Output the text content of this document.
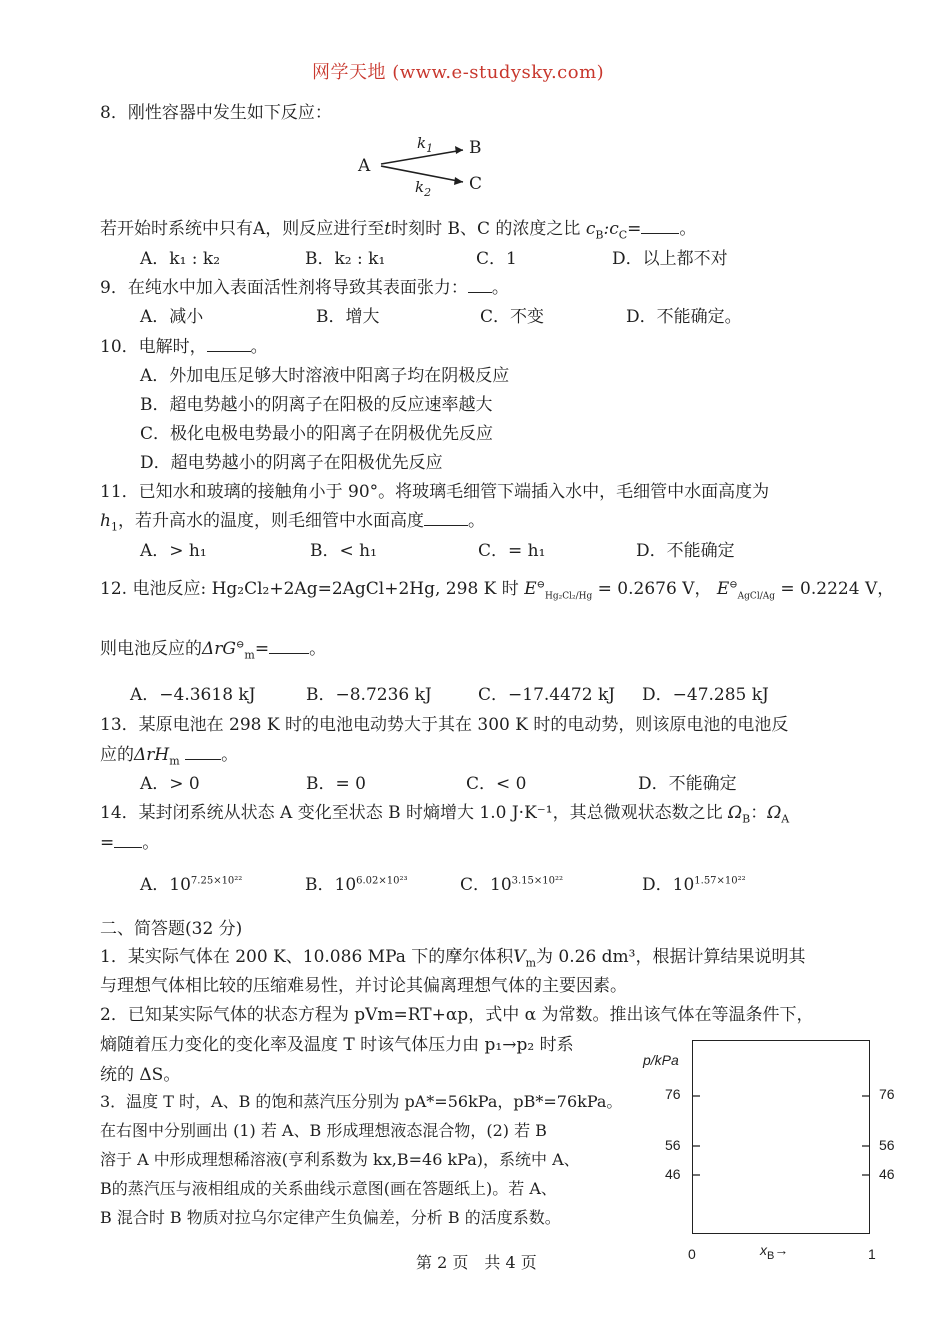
网学天地 (www.e-studysky.com)
8．刚性容器中发生如下反应：
A
B
C
$k_1$
$k_2$
若开始时系统中只有A，则反应进行至t时刻时 B、C 的浓度之比 $c_B:c_C=$ 。
A．k₁ : k₂	B．k₂ : k₁	C．1	D．以上都不对
9．在纯水中加入表面活性剂将导致其表面张力： 。
A．减小	B．增大	C．不变	D．不能确定。
10．电解时，	。
A．外加电压足够大时溶液中阳离子均在阴极反应
B．超电势越小的阴离子在阳极的反应速率越大
C．极化电极电势最小的阳离子在阴极优先反应
D．超电势越小的阴离子在阳极优先反应
11．已知水和玻璃的接触角小于 90°。将玻璃毛细管下端插入水中，毛细管中水面高度为
$h_1$，若升高水的温度，则毛细管中水面高度	。
A．> h₁	B．< h₁	C．= h₁	D．不能确定
12. 电池反应: Hg₂Cl₂+2Ag=2AgCl+2Hg, 298 K 时 $E^⊖_{Hg_2Cl_2/Hg} = 0.2676$ V， $E^⊖_{AgCl/Ag} = 0.2224$ V，
则电池反应的ΔrG⊖$_m$= 。
A．−4.3618 kJ	B．−8.7236 kJ	C．−17.4472 kJ D．−47.285 kJ
13．某原电池在 298 K 时的电池电动势大于其在 300 K 时的电动势，则该原电池的电池反
应的ΔrH$_m$ 。
A．> 0	B．= 0	C．< 0	D．不能确定
14．某封闭系统从状态 A 变化至状态 B 时熵增大 1.0 J·K⁻¹，其总微观状态数之比 $\Omega_B$：$\Omega_A$
= 。
A．$10^{7.25\times 10^{22}}$	B．$10^{6.02\times 10^{23}}$	C．$10^{3.15\times 10^{22}}$	D．$10^{1.57\times 10^{22}}$
二、简答题(32 分)
1．某实际气体在 200 K、10.086 MPa 下的摩尔体积$V_m$为 0.26 dm³，根据计算结果说明其
与理想气体相比较的压缩难易性，并讨论其偏离理想气体的主要因素。
2．已知某实际气体的状态方程为 pVm=RT+αp，式中 α 为常数。推出该气体在等温条件下，
熵随着压力变化的变化率及温度 T 时该气体压力由 p₁→p₂ 时系
统的 ΔS。
3．温度 T 时，A、B 的饱和蒸汽压分别为 pA*=56kPa，pB*=76kPa。
在右图中分别画出 (1) 若 A、B 形成理想液态混合物，(2) 若 B
溶于 A 中形成理想稀溶液(亨利系数为 kx,B=46 kPa)，系统中 A、
B的蒸汽压与液相组成的关系曲线示意图(画在答题纸上)。若 A、
B 混合时 B 物质对拉乌尔定律产生负偏差，分析 B 的活度系数。
p/kPa
76
56
46
76
56
46
0	1
$x_B\to$
第 2 页　共 4 页
